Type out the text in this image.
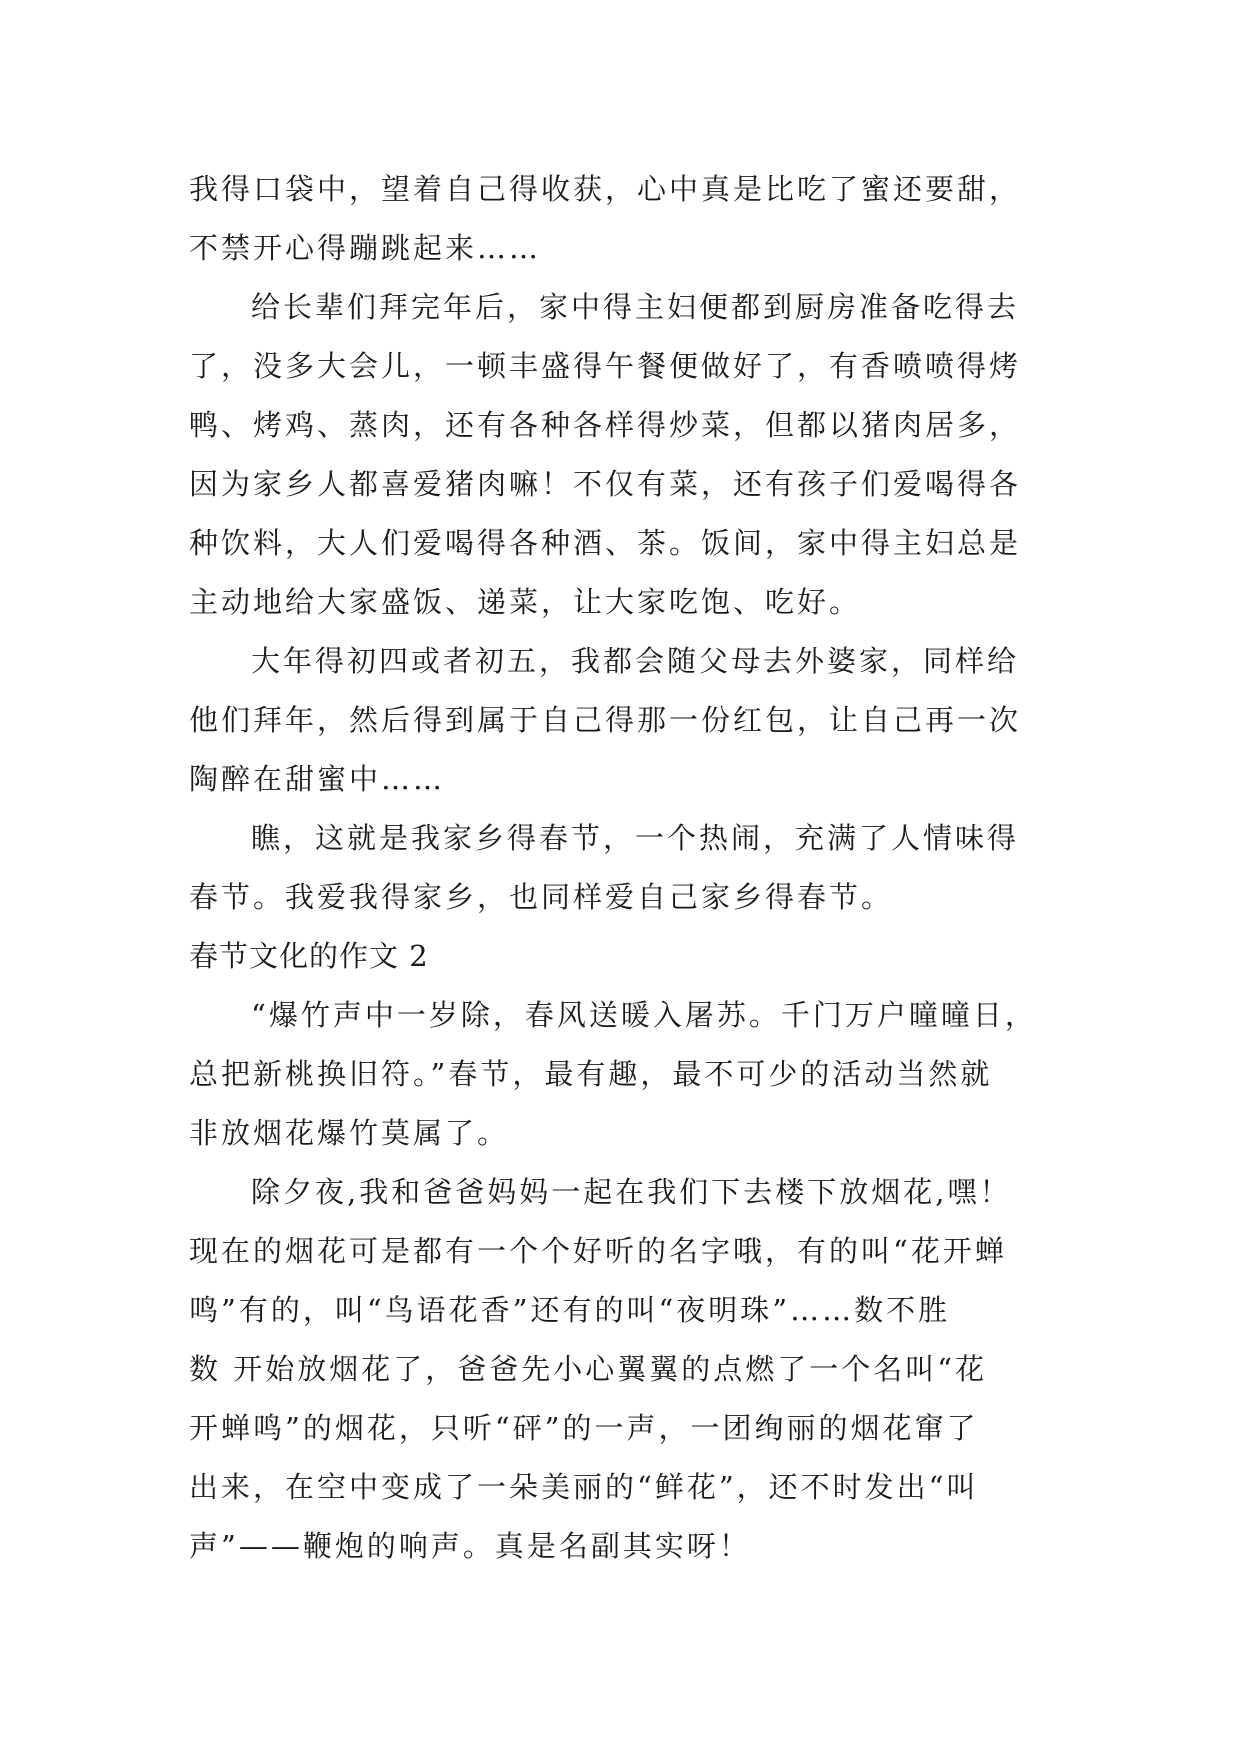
我得口袋中，望着自己得收获，心中真是比吃了蜜还要甜，
不禁开心得蹦跳起来……
给长辈们拜完年后，家中得主妇便都到厨房准备吃得去
了，没多大会儿，一顿丰盛得午餐便做好了，有香喷喷得烤
鸭、烤鸡、蒸肉，还有各种各样得炒菜，但都以猪肉居多，
因为家乡人都喜爱猪肉嘛！不仅有菜，还有孩子们爱喝得各
种饮料，大人们爱喝得各种酒、茶。饭间，家中得主妇总是
主动地给大家盛饭、递菜，让大家吃饱、吃好。
大年得初四或者初五，我都会随父母去外婆家，同样给
他们拜年，然后得到属于自己得那一份红包，让自己再一次
陶醉在甜蜜中……
瞧，这就是我家乡得春节，一个热闹，充满了人情味得
春节。我爱我得家乡，也同样爱自己家乡得春节。
春节文化的作文 2
“爆竹声中一岁除，春风送暖入屠苏。千门万户曈曈日，
总把新桃换旧符。”春节，最有趣，最不可少的活动当然就
非放烟花爆竹莫属了。
除夕夜,我和爸爸妈妈一起在我们下去楼下放烟花,嘿！
现在的烟花可是都有一个个好听的名字哦，有的叫“花开蝉
鸣”有的，叫“鸟语花香”还有的叫“夜明珠”……数不胜
数 开始放烟花了，爸爸先小心翼翼的点燃了一个名叫“花
开蝉鸣”的烟花，只听“砰”的一声，一团绚丽的烟花窜了
出来，在空中变成了一朵美丽的“鲜花”，还不时发出“叫
声”——鞭炮的响声。真是名副其实呀！
